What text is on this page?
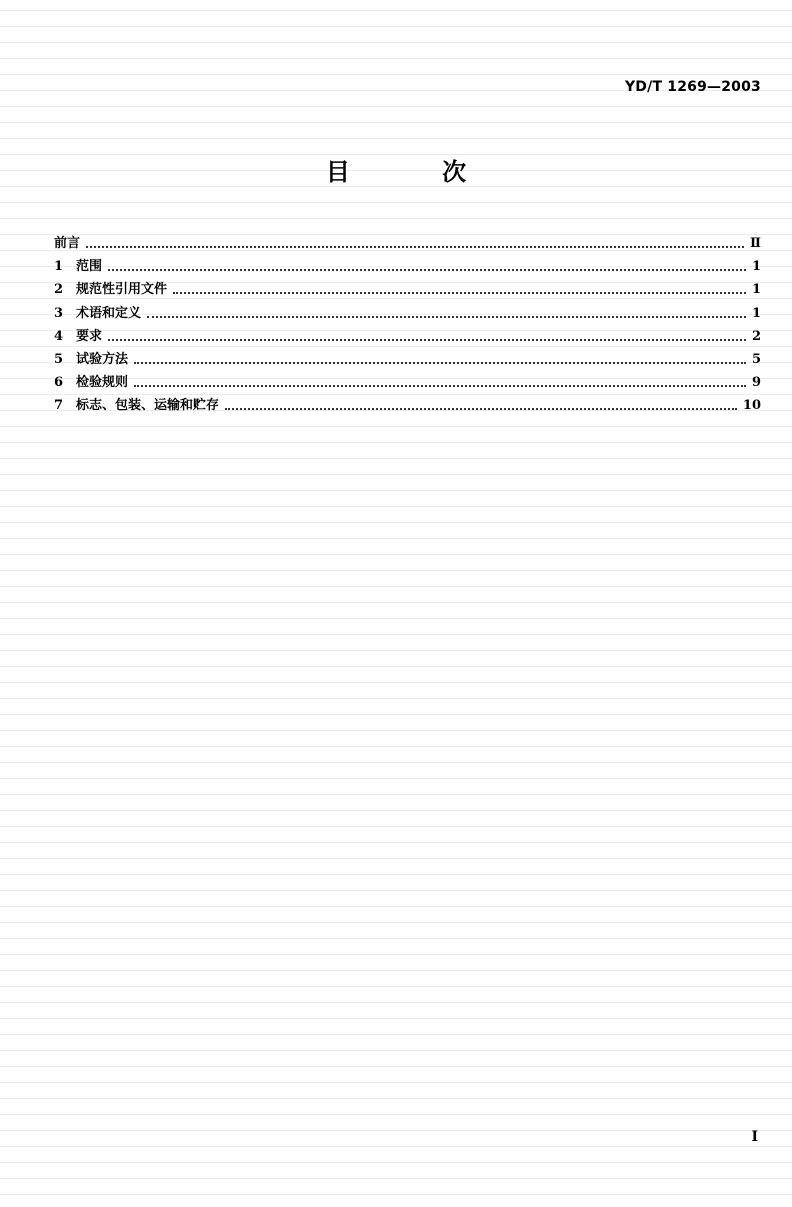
YD/T 1269—2003
目 次
前言	Ⅱ
1 范围	1
2 规范性引用文件	1
3 术语和定义	1
4 要求	2
5 试验方法	5
6 检验规则	9
7 标志、包装、运输和贮存	10
I
